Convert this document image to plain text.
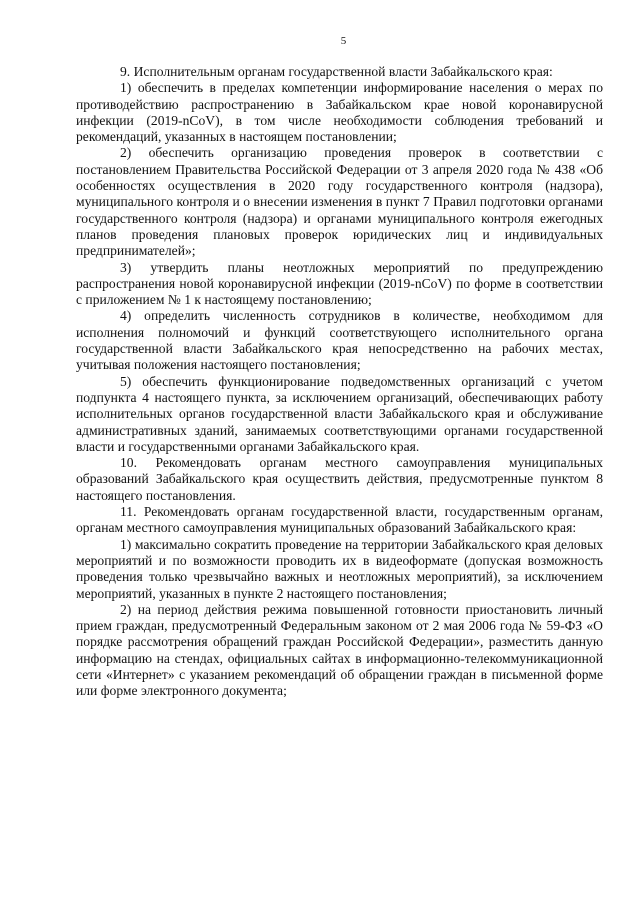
5

9. Исполнительным органам государственной власти Забайкальского края:

1) обеспечить в пределах компетенции информирование населения о мерах по противодействию распространению в Забайкальском крае новой коронавирусной инфекции (2019-nCoV), в том числе необходимости соблюдения требований и рекомендаций, указанных в настоящем постановлении;

2) обеспечить организацию проведения проверок в соответствии с постановлением Правительства Российской Федерации от 3 апреля 2020 года № 438 «Об особенностях осуществления в 2020 году государственного контроля (надзора), муниципального контроля и о внесении изменения в пункт 7 Правил подготовки органами государственного контроля (надзора) и органами муниципального контроля ежегодных планов проведения плановых проверок юридических лиц и индивидуальных предпринимателей»;

3) утвердить планы неотложных мероприятий по предупреждению распространения новой коронавирусной инфекции (2019-nCoV) по форме в соответствии с приложением № 1 к настоящему постановлению;

4) определить численность сотрудников в количестве, необходимом для исполнения полномочий и функций соответствующего исполнительного органа государственной власти Забайкальского края непосредственно на рабочих местах, учитывая положения настоящего постановления;

5) обеспечить функционирование подведомственных организаций с учетом подпункта 4 настоящего пункта, за исключением организаций, обеспечивающих работу исполнительных органов государственной власти Забайкальского края и обслуживание административных зданий, занимаемых соответствующими органами государственной власти и государственными органами Забайкальского края.

10. Рекомендовать органам местного самоуправления муниципальных образований Забайкальского края осуществить действия, предусмотренные пунктом 8 настоящего постановления.

11. Рекомендовать органам государственной власти, государственным органам, органам местного самоуправления муниципальных образований Забайкальского края:

1) максимально сократить проведение на территории Забайкальского края деловых мероприятий и по возможности проводить их в видеоформате (допуская возможность проведения только чрезвычайно важных и неотложных мероприятий), за исключением мероприятий, указанных в пункте 2 настоящего постановления;

2) на период действия режима повышенной готовности приостановить личный прием граждан, предусмотренный Федеральным законом от 2 мая 2006 года № 59-ФЗ «О порядке рассмотрения обращений граждан Российской Федерации», разместить данную информацию на стендах, официальных сайтах в информационно-телекоммуникационной сети «Интернет» с указанием рекомендаций об обращении граждан в письменной форме или форме электронного документа;
